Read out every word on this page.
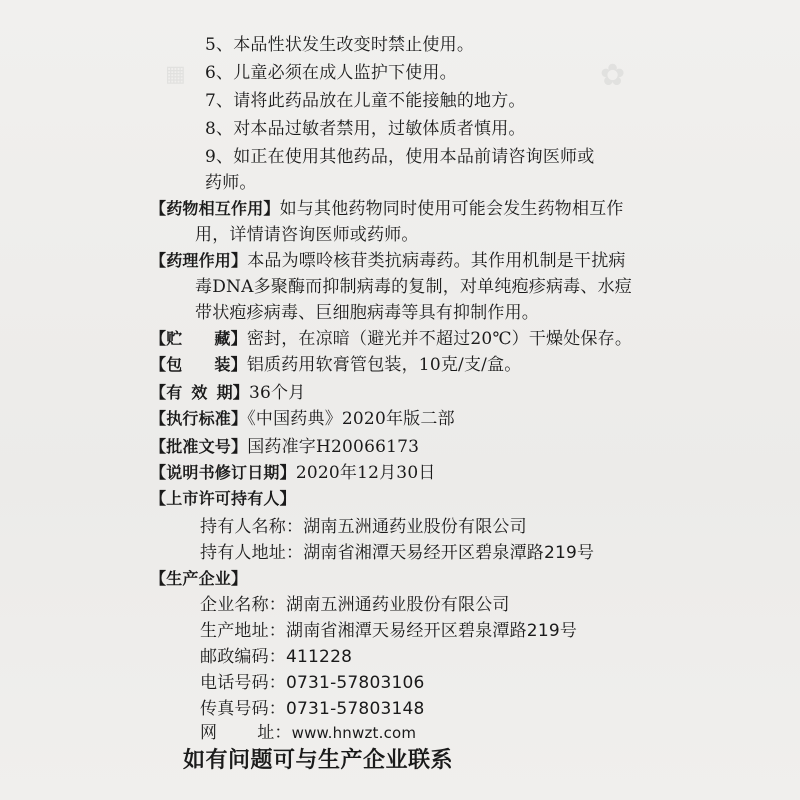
✿
▦
5、本品性状发生改变时禁止使用。
6、儿童必须在成人监护下使用。
7、请将此药品放在儿童不能接触的地方。
8、对本品过敏者禁用，过敏体质者慎用。
9、如正在使用其他药品，使用本品前请咨询医师或
药师。
【药物相互作用】如与其他药物同时使用可能会发生药物相互作
用，详情请咨询医师或药师。
【药理作用】本品为嘌呤核苷类抗病毒药。其作用机制是干扰病
毒DNA多聚酶而抑制病毒的复制，对单纯疱疹病毒、水痘
带状疱疹病毒、巨细胞病毒等具有抑制作用。
【贮 藏】密封，在凉暗（避光并不超过20℃）干燥处保存。
【包 装】铝质药用软膏管包装，10克/支/盒。
【有 效 期】36个月
【执行标准】《中国药典》2020年版二部
【批准文号】国药准字H20066173
【说明书修订日期】2020年12月30日
【上市许可持有人】
持有人名称：湖南五洲通药业股份有限公司
持有人地址：湖南省湘潭天易经开区碧泉潭路219号
【生产企业】
企业名称：湖南五洲通药业股份有限公司
生产地址：湖南省湘潭天易经开区碧泉潭路219号
邮政编码：411228
电话号码：0731-57803106
传真号码：0731-57803148
网 址：www.hnwzt.com
如有问题可与生产企业联系
